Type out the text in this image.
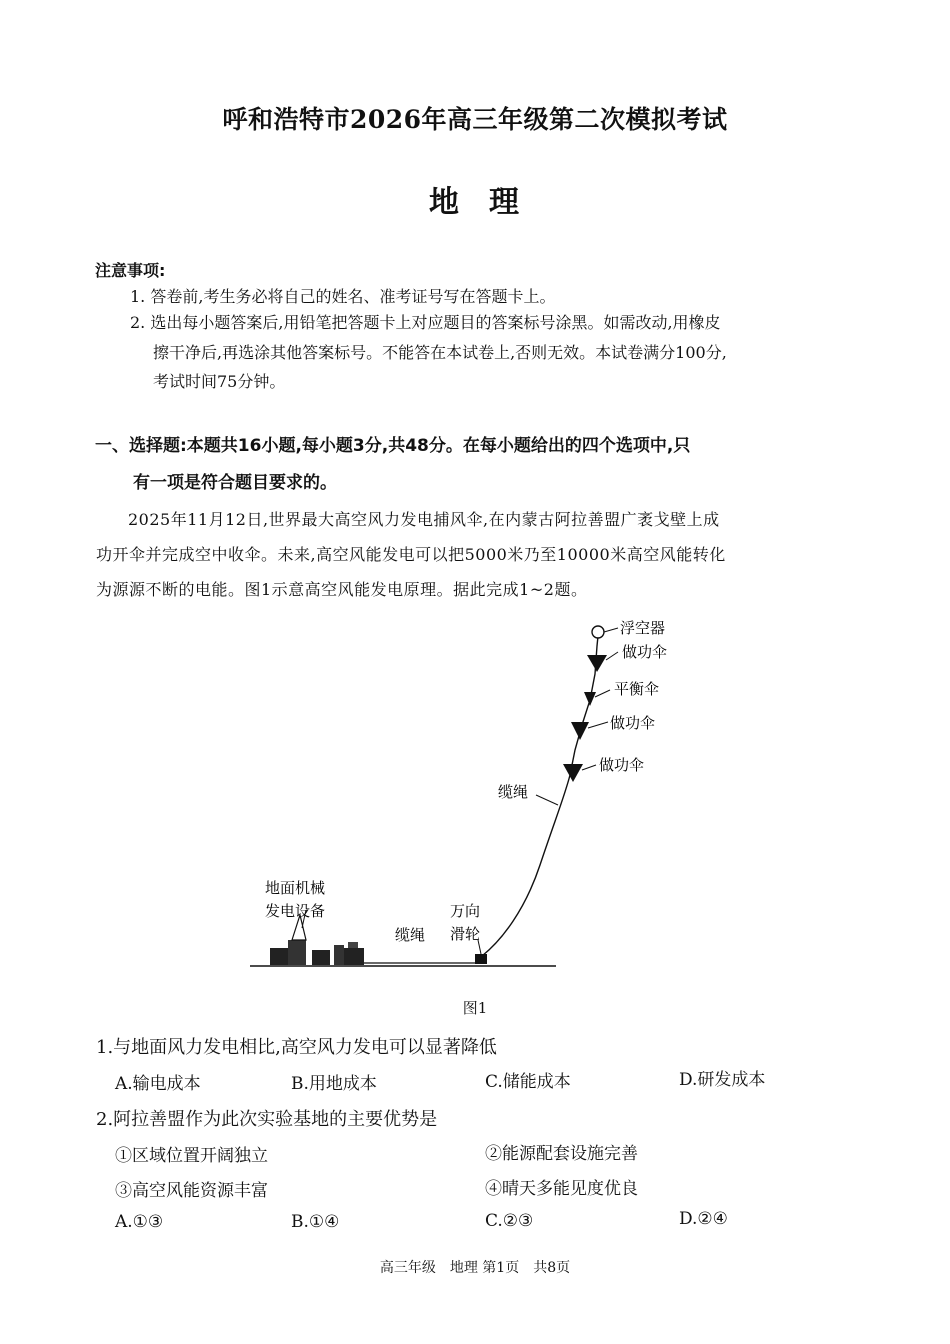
呼和浩特市2026年高三年级第二次模拟考试
地理
注意事项:
1. 答卷前,考生务必将自己的姓名、准考证号写在答题卡上。
2. 选出每小题答案后,用铅笔把答题卡上对应题目的答案标号涂黑。如需改动,用橡皮
擦干净后,再选涂其他答案标号。不能答在本试卷上,否则无效。本试卷满分100分,
考试时间75分钟。
一、选择题:本题共16小题,每小题3分,共48分。在每小题给出的四个选项中,只
有一项是符合题目要求的。
2025年11月12日,世界最大高空风力发电捕风伞,在内蒙古阿拉善盟广袤戈壁上成
功开伞并完成空中收伞。未来,高空风能发电可以把5000米乃至10000米高空风能转化
为源源不断的电能。图1示意高空风能发电原理。据此完成1~2题。
浮空器
做功伞
平衡伞
做功伞
做功伞
缆绳
地面机械
发电设备
缆绳
万向
滑轮
图1
1.与地面风力发电相比,高空风力发电可以显著降低
A.输电成本	B.用地成本	C.储能成本	D.研发成本
2.阿拉善盟作为此次实验基地的主要优势是
①区域位置开阔独立	②能源配套设施完善
③高空风能资源丰富	④晴天多能见度优良
A.①③	B.①④	C.②③	D.②④
高三年级　地理 第1页　共8页
